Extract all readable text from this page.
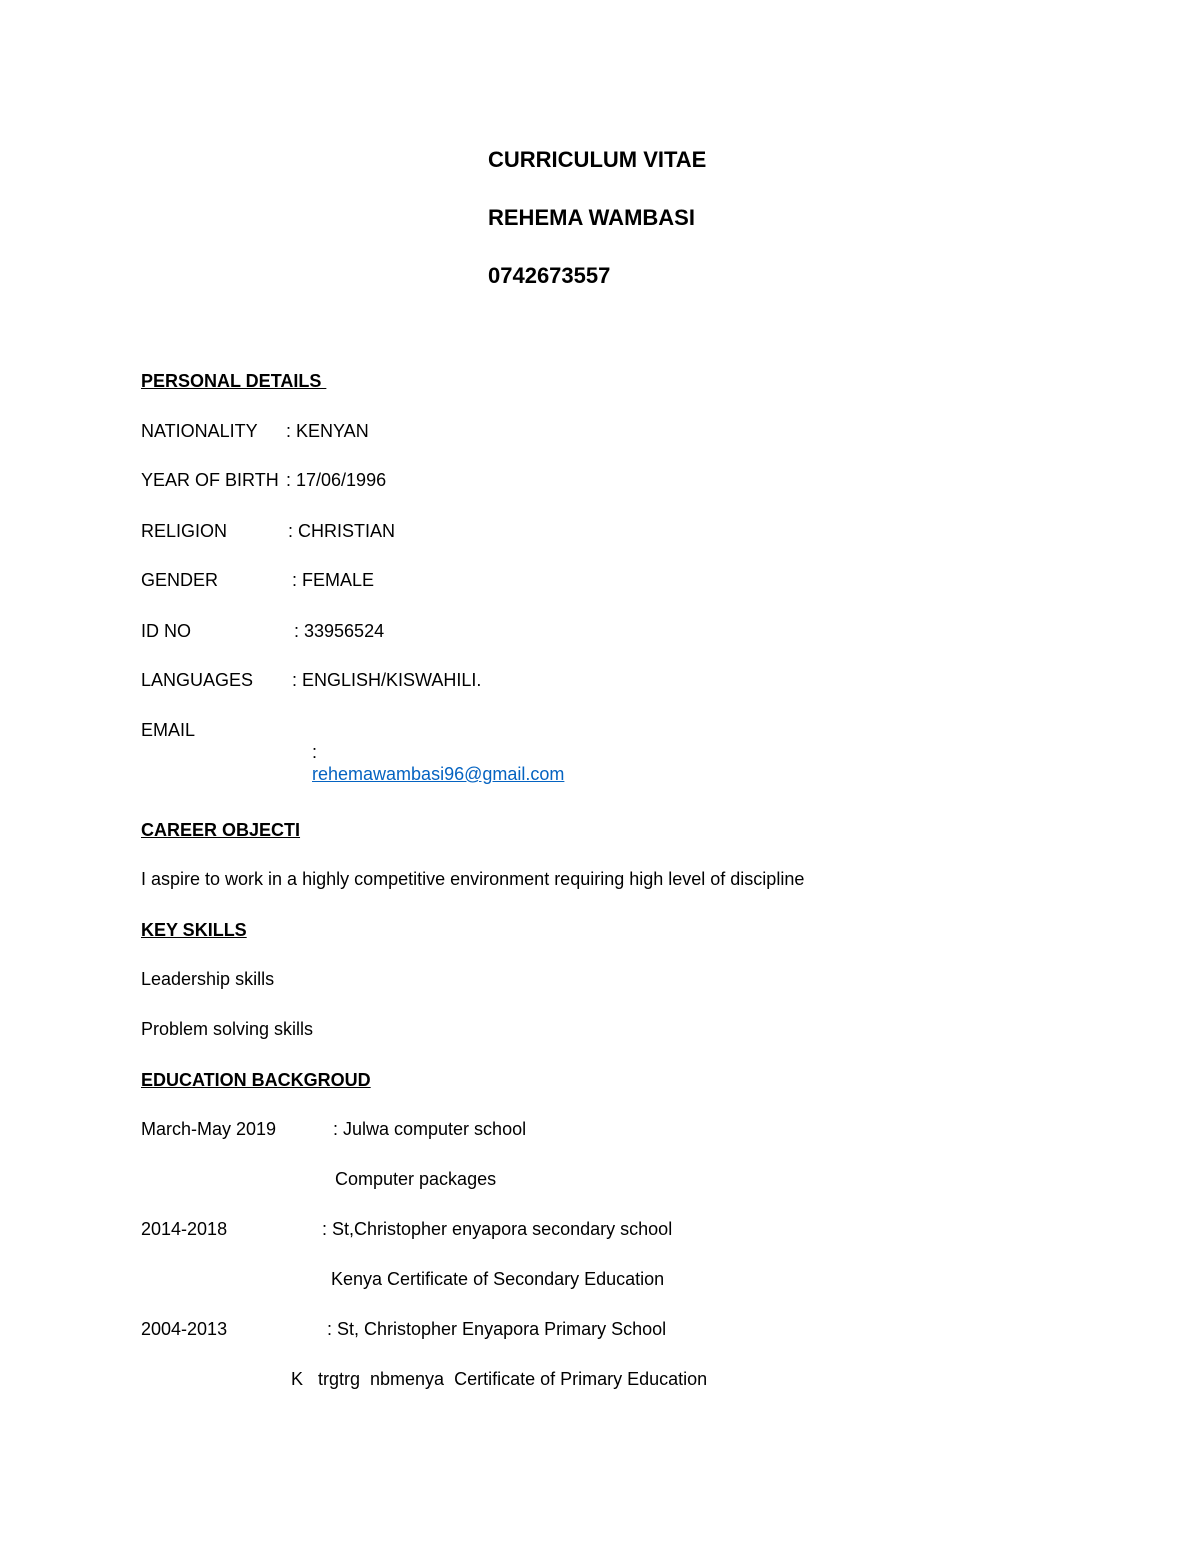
CURRICULUM VITAE
REHEMA WAMBASI
0742673557
PERSONAL DETAILS
NATIONALITY : KENYAN
YEAR OF BIRTH : 17/06/1996
RELIGION	: CHRISTIAN
GENDER	: FEMALE
ID NO	: 33956524
LANGUAGES : ENGLISH/KISWAHILI.
EMAIL

:
rehemawambasi96@gmail.com

CAREER OBJECTI
I aspire to work in a highly competitive environment requiring high level of discipline
KEY SKILLS
Leadership skills
Problem solving skills
EDUCATION BACKGROUD
March-May 2019	: Julwa computer school
Computer packages
2014-2018	: St,Christopher enyapora secondary school
Kenya Certificate of Secondary Education
2004-2013	: St, Christopher Enyapora Primary School
K   trgtrg  nbmenya  Certificate of Primary Education
